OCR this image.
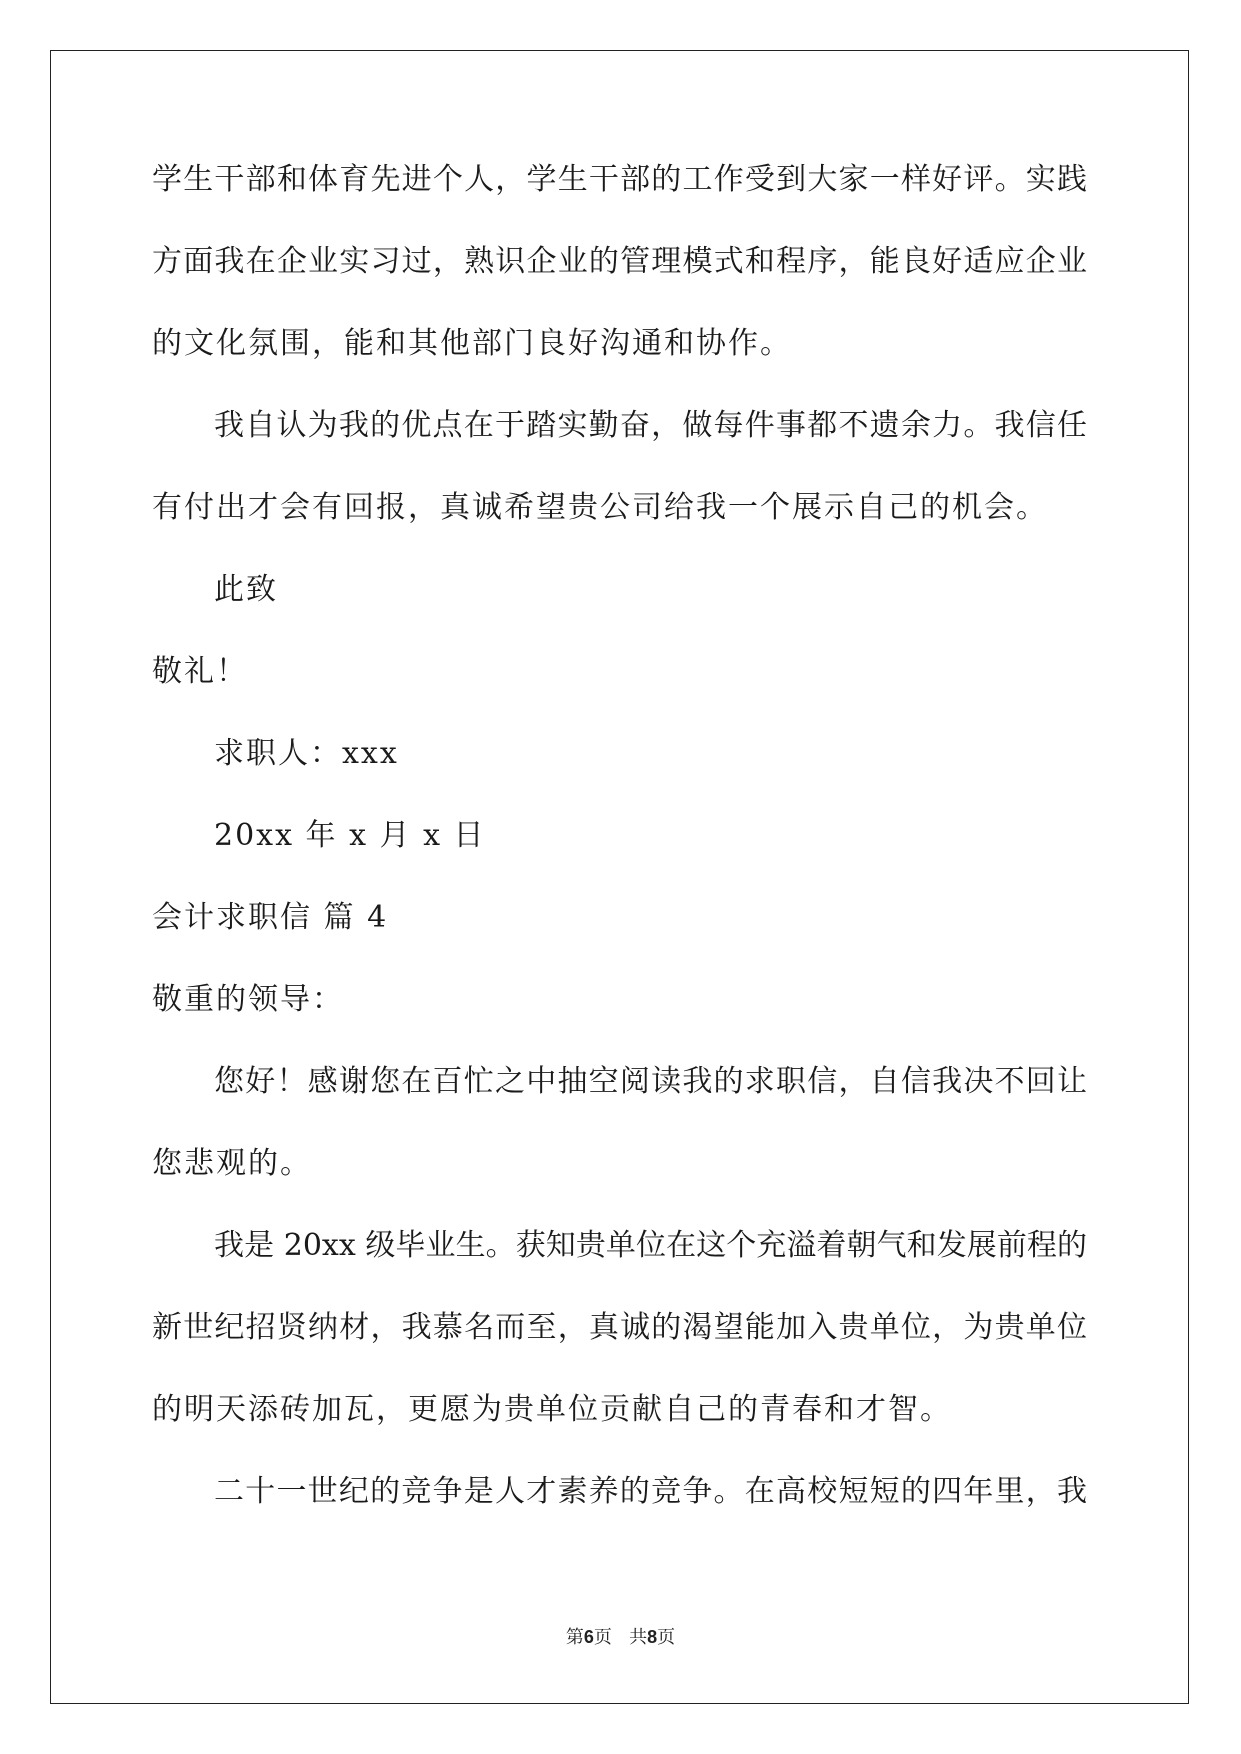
学生干部和体育先进个人，学生干部的工作受到大家一样好评。实践
方面我在企业实习过，熟识企业的管理模式和程序，能良好适应企业
的文化氛围，能和其他部门良好沟通和协作。
我自认为我的优点在于踏实勤奋，做每件事都不遗余力。我信任
有付出才会有回报，真诚希望贵公司给我一个展示自己的机会。
此致
敬礼！
求职人：xxx
20xx 年 x 月 x 日
会计求职信 篇 4
敬重的领导：
您好！感谢您在百忙之中抽空阅读我的求职信，自信我决不回让
您悲观的。
我是 20xx 级毕业生。获知贵单位在这个充溢着朝气和发展前程的
新世纪招贤纳材，我慕名而至，真诚的渴望能加入贵单位，为贵单位
的明天添砖加瓦，更愿为贵单位贡献自己的青春和才智。
二十一世纪的竞争是人才素养的竞争。在高校短短的四年里，我
第6页   共8页
